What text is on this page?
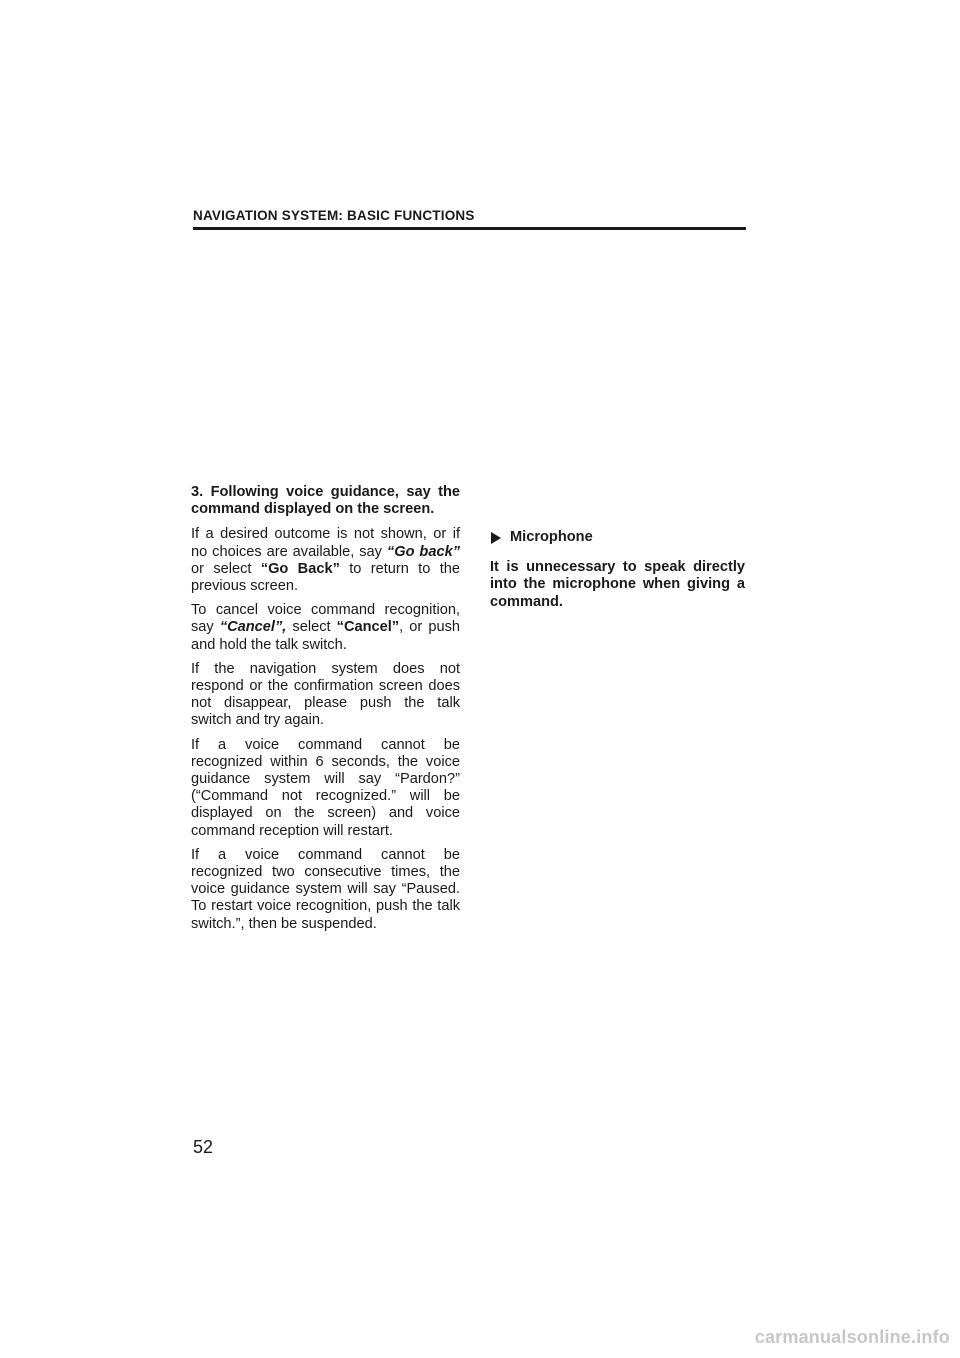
NAVIGATION SYSTEM: BASIC FUNCTIONS

3. Following voice guidance, say the command displayed on the screen.

If a desired outcome is not shown, or if no choices are available, say “Go back” or select “Go Back” to return to the previous screen.

To cancel voice command recognition, say “Cancel”, select “Cancel”, or push and hold the talk switch.

If the navigation system does not respond or the confirmation screen does not disappear, please push the talk switch and try again.

If a voice command cannot be recognized within 6 seconds, the voice guidance system will say “Pardon?” (“Command not recognized.” will be displayed on the screen) and voice command reception will restart.

If a voice command cannot be recognized two consecutive times, the voice guidance system will say “Paused. To restart voice recognition, push the talk switch.”, then be suspended.

Microphone

It is unnecessary to speak directly into the microphone when giving a command.

52
carmanualsonline.info
